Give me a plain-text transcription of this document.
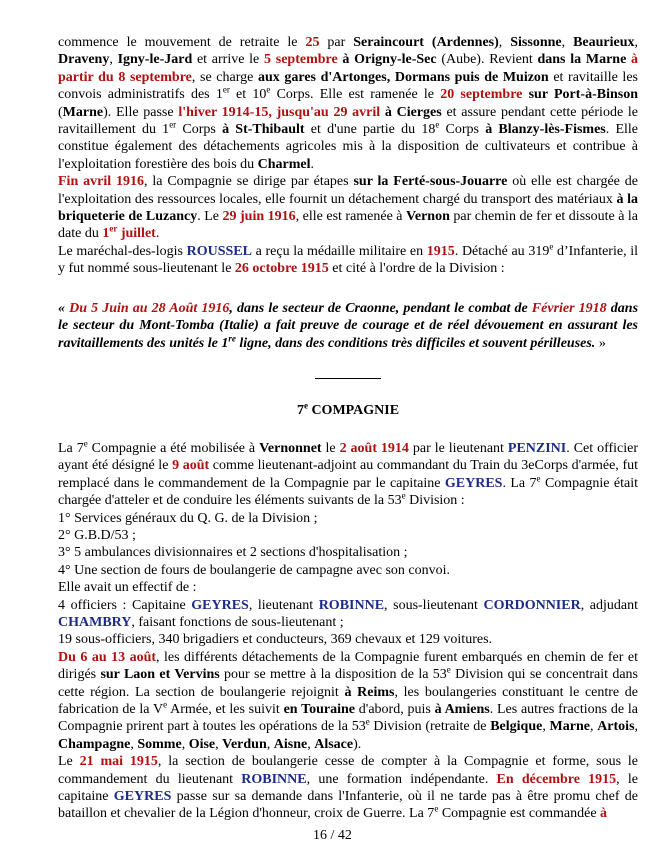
commence le mouvement de retraite le 25 par Seraincourt (Ardennes), Sissonne, Beaurieux, Draveny, Igny-le-Jard et arrive le 5 septembre à Origny-le-Sec (Aube). Revient dans la Marne à partir du 8 septembre, se charge aux gares d'Artonges, Dormans puis de Muizon et ravitaille les convois administratifs des 1er et 10e Corps. Elle est ramenée le 20 septembre sur Port-à-Binson (Marne). Elle passe l'hiver 1914-15, jusqu'au 29 avril à Cierges et assure pendant cette période le ravitaillement du 1er Corps à St-Thibault et d'une partie du 18e Corps à Blanzy-lès-Fismes. Elle constitue également des détachements agricoles mis à la disposition de cultivateurs et contribue à l'exploitation forestière des bois du Charmel.

Fin avril 1916, la Compagnie se dirige par étapes sur la Ferté-sous-Jouarre où elle est chargée de l'exploitation des ressources locales, elle fournit un détachement chargé du transport des matériaux à la briqueterie de Luzancy. Le 29 juin 1916, elle est ramenée à Vernon par chemin de fer et dissoute à la date du 1er juillet.

Le maréchal-des-logis ROUSSEL a reçu la médaille militaire en 1915. Détaché au 319e d’Infanterie, il y fut nommé sous-lieutenant le 26 octobre 1915 et cité à l'ordre de la Division :

« Du 5 Juin au 28 Août 1916, dans le secteur de Craonne, pendant le combat de Février 1918 dans le secteur du Mont-Tomba (Italie) a fait preuve de courage et de réel dévouement en assurant les ravitaillements des unités le 1re ligne, dans des conditions très difficiles et souvent périlleuses. »

7e COMPAGNIE

La 7e Compagnie a été mobilisée à Vernonnet le 2 août 1914 par le lieutenant PENZINI. Cet officier ayant été désigné le 9 août comme lieutenant-adjoint au commandant du Train du 3eCorps d'armée, fut remplacé dans le commandement de la Compagnie par le capitaine GEYRES. La 7e Compagnie était chargée d'atteler et de conduire les éléments suivants de la 53e Division :

1° Services généraux du Q. G. de la Division ;

2° G.B.D/53 ;

3° 5 ambulances divisionnaires et 2 sections d'hospitalisation ;

4° Une section de fours de boulangerie de campagne avec son convoi.

Elle avait un effectif de :

4 officiers : Capitaine GEYRES, lieutenant ROBINNE, sous-lieutenant CORDONNIER, adjudant CHAMBRY, faisant fonctions de sous-lieutenant ;

19 sous-officiers, 340 brigadiers et conducteurs, 369 chevaux et 129 voitures.

Du 6 au 13 août, les différents détachements de la Compagnie furent embarqués en chemin de fer et dirigés sur Laon et Vervins pour se mettre à la disposition de la 53e Division qui se concentrait dans cette région. La section de boulangerie rejoignit à Reims, les boulangeries constituant le centre de fabrication de la Ve Armée, et les suivit en Touraine d'abord, puis à Amiens. Les autres fractions de la Compagnie prirent part à toutes les opérations de la 53e Division (retraite de Belgique, Marne, Artois, Champagne, Somme, Oise, Verdun, Aisne, Alsace).

Le 21 mai 1915, la section de boulangerie cesse de compter à la Compagnie et forme, sous le commandement du lieutenant ROBINNE, une formation indépendante. En décembre 1915, le capitaine GEYRES passe sur sa demande dans l'Infanterie, où il ne tarde pas à être promu chef de bataillon et chevalier de la Légion d'honneur, croix de Guerre. La 7e Compagnie est commandée à

16 / 42
